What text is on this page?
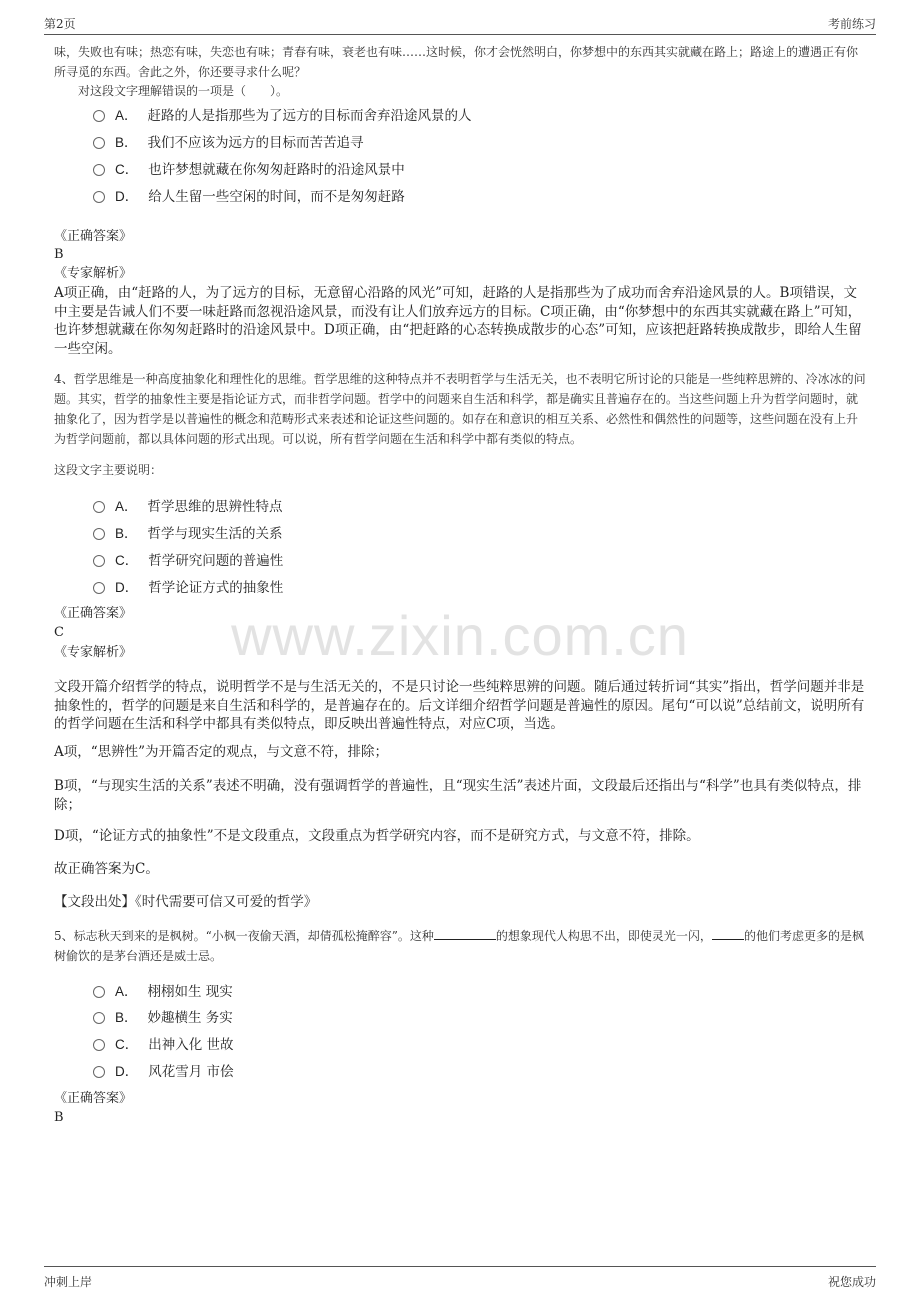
第2页	考前练习
www.zixin.com.cn
味，失败也有味；热恋有味，失恋也有味；青春有味，衰老也有味……这时候，你才会恍然明白，你梦想中的东西其实就藏在路上；路途上的遭遇正有你所寻觅的东西。舍此之外，你还要寻求什么呢？
对这段文字理解错误的一项是（　　）。
A． 赶路的人是指那些为了远方的目标而舍弃沿途风景的人
B． 我们不应该为远方的目标而苦苦追寻
C． 也许梦想就藏在你匆匆赶路时的沿途风景中
D． 给人生留一些空闲的时间，而不是匆匆赶路
《正确答案》
B
《专家解析》
A项正确，由“赶路的人，为了远方的目标，无意留心沿路的风光”可知，赶路的人是指那些为了成功而舍弃沿途风景的人。B项错误，文中主要是告诫人们不要一味赶路而忽视沿途风景，而没有让人们放弃远方的目标。C项正确，由“你梦想中的东西其实就藏在路上”可知，也许梦想就藏在你匆匆赶路时的沿途风景中。D项正确，由“把赶路的心态转换成散步的心态”可知，应该把赶路转换成散步，即给人生留一些空闲。
4、哲学思维是一种高度抽象化和理性化的思维。哲学思维的这种特点并不表明哲学与生活无关，也不表明它所讨论的只能是一些纯粹思辨的、冷冰冰的问题。其实，哲学的抽象性主要是指论证方式，而非哲学问题。哲学中的问题来自生活和科学，都是确实且普遍存在的。当这些问题上升为哲学问题时，就抽象化了，因为哲学是以普遍性的概念和范畴形式来表述和论证这些问题的。如存在和意识的相互关系、必然性和偶然性的问题等，这些问题在没有上升为哲学问题前，都以具体问题的形式出现。可以说，所有哲学问题在生活和科学中都有类似的特点。
这段文字主要说明：
A． 哲学思维的思辨性特点
B． 哲学与现实生活的关系
C． 哲学研究问题的普遍性
D． 哲学论证方式的抽象性
《正确答案》
C
《专家解析》
文段开篇介绍哲学的特点，说明哲学不是与生活无关的，不是只讨论一些纯粹思辨的问题。随后通过转折词“其实”指出，哲学问题并非是抽象性的，哲学的问题是来自生活和科学的，是普遍存在的。后文详细介绍哲学问题是普遍性的原因。尾句“可以说”总结前文，说明所有的哲学问题在生活和科学中都具有类似特点，即反映出普遍性特点，对应C项，当选。
A项，“思辨性”为开篇否定的观点，与文意不符，排除；
B项，“与现实生活的关系”表述不明确，没有强调哲学的普遍性，且“现实生活”表述片面，文段最后还指出与“科学”也具有类似特点，排除；
D项，“论证方式的抽象性”不是文段重点，文段重点为哲学研究内容，而不是研究方式，与文意不符，排除。
故正确答案为C。
【文段出处】《时代需要可信又可爱的哲学》
5、标志秋天到来的是枫树。“小枫一夜偷天酒，却倩孤松掩醉容”。这种	的想象现代人构思不出，即使灵光一闪，	的他们考虑更多的是枫树偷饮的是茅台酒还是威士忌。
A． 栩栩如生 现实
B． 妙趣横生 务实
C． 出神入化 世故
D． 风花雪月 市侩
《正确答案》
B
冲刺上岸	祝您成功
